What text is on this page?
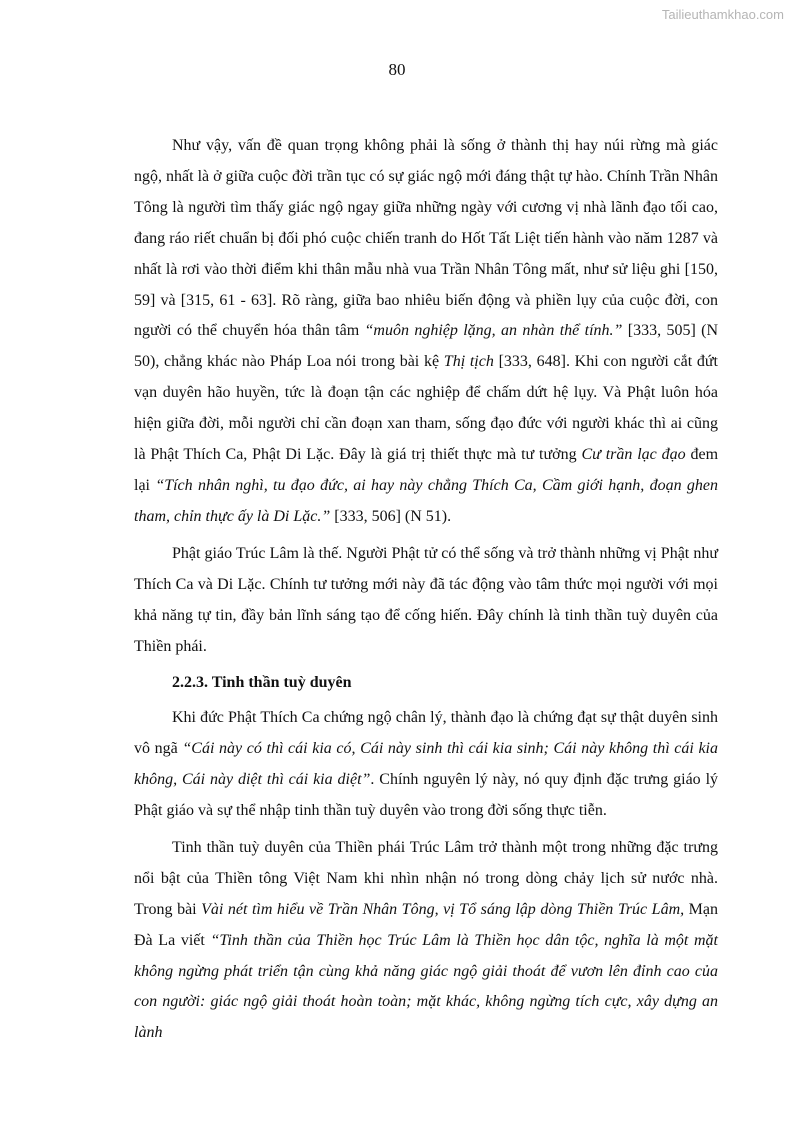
Tailieuthamkhao.com
80

Như vậy, vấn đề quan trọng không phải là sống ở thành thị hay núi rừng mà giác ngộ, nhất là ở giữa cuộc đời trần tục có sự giác ngộ mới đáng thật tự hào. Chính Trần Nhân Tông là người tìm thấy giác ngộ ngay giữa những ngày với cương vị nhà lãnh đạo tối cao, đang ráo riết chuẩn bị đối phó cuộc chiến tranh do Hốt Tất Liệt tiến hành vào năm 1287 và nhất là rơi vào thời điểm khi thân mẫu nhà vua Trần Nhân Tông mất, như sử liệu ghi [150, 59] và [315, 61 - 63]. Rõ ràng, giữa bao nhiêu biến động và phiền lụy của cuộc đời, con người có thể chuyển hóa thân tâm “muôn nghiệp lặng, an nhàn thể tính.” [333, 505] (N 50), chẳng khác nào Pháp Loa nói trong bài kệ Thị tịch [333, 648]. Khi con người cắt đứt vạn duyên hão huyền, tức là đoạn tận các nghiệp để chấm dứt hệ lụy. Và Phật luôn hóa hiện giữa đời, mỗi người chỉ cần đoạn xan tham, sống đạo đức với người khác thì ai cũng là Phật Thích Ca, Phật Di Lặc. Đây là giá trị thiết thực mà tư tưởng Cư trần lạc đạo đem lại “Tích nhân nghì, tu đạo đức, ai hay này chẳng Thích Ca, Cầm giới hạnh, đoạn ghen tham, chỉn thực ấy là Di Lặc.” [333, 506] (N 51).

Phật giáo Trúc Lâm là thế. Người Phật tử có thể sống và trở thành những vị Phật như Thích Ca và Di Lặc. Chính tư tưởng mới này đã tác động vào tâm thức mọi người với mọi khả năng tự tin, đầy bản lĩnh sáng tạo để cống hiến. Đây chính là tinh thần tuỳ duyên của Thiền phái.

2.2.3. Tinh thần tuỳ duyên

Khi đức Phật Thích Ca chứng ngộ chân lý, thành đạo là chứng đạt sự thật duyên sinh vô ngã “Cái này có thì cái kia có, Cái này sinh thì cái kia sinh; Cái này không thì cái kia không, Cái này diệt thì cái kia diệt”. Chính nguyên lý này, nó quy định đặc trưng giáo lý Phật giáo và sự thể nhập tinh thần tuỳ duyên vào trong đời sống thực tiễn.

Tinh thần tuỳ duyên của Thiền phái Trúc Lâm trở thành một trong những đặc trưng nổi bật của Thiền tông Việt Nam khi nhìn nhận nó trong dòng chảy lịch sử nước nhà. Trong bài Vài nét tìm hiểu về Trần Nhân Tông, vị Tổ sáng lập dòng Thiền Trúc Lâm, Mạn Đà La viết “Tinh thần của Thiền học Trúc Lâm là Thiền học dân tộc, nghĩa là một mặt không ngừng phát triển tận cùng khả năng giác ngộ giải thoát để vươn lên đỉnh cao của con người: giác ngộ giải thoát hoàn toàn; mặt khác, không ngừng tích cực, xây dựng an lành
